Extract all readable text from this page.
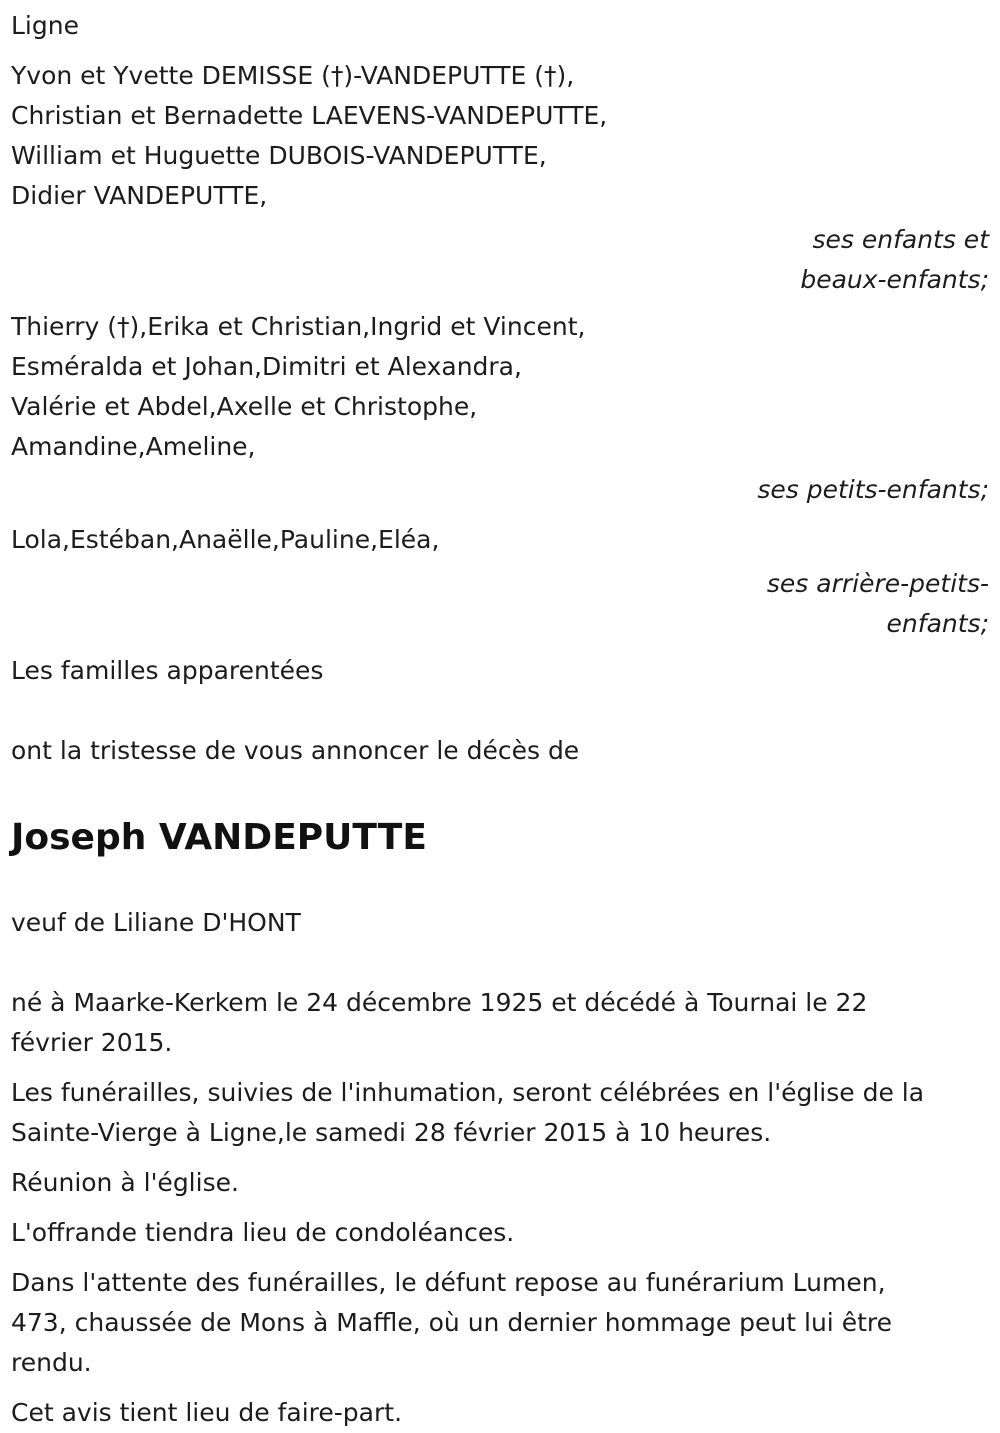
Ligne

Yvon et Yvette DEMISSE (†)-VANDEPUTTE (†),
Christian et Bernadette LAEVENS-VANDEPUTTE,
William et Huguette DUBOIS-VANDEPUTTE,
Didier VANDEPUTTE,

ses enfants et
beaux-enfants;

Thierry (†),Erika et Christian,Ingrid et Vincent,
Esméralda et Johan,Dimitri et Alexandra,
Valérie et Abdel,Axelle et Christophe,
Amandine,Ameline,

ses petits-enfants;

Lola,Estéban,Anaëlle,Pauline,Eléa,

ses arrière-petits-
enfants;

Les familles apparentées

ont la tristesse de vous annoncer le décès de

Joseph VANDEPUTTE

veuf de Liliane D'HONT

né à Maarke-Kerkem le 24 décembre 1925 et décédé à Tournai le 22
février 2015.

Les funérailles, suivies de l'inhumation, seront célébrées en l'église de la
Sainte-Vierge à Ligne,le samedi 28 février 2015 à 10 heures.

Réunion à l'église.

L'offrande tiendra lieu de condoléances.

Dans l'attente des funérailles, le défunt repose au funérarium Lumen,
473, chaussée de Mons à Maffle, où un dernier hommage peut lui être
rendu.

Cet avis tient lieu de faire-part.
